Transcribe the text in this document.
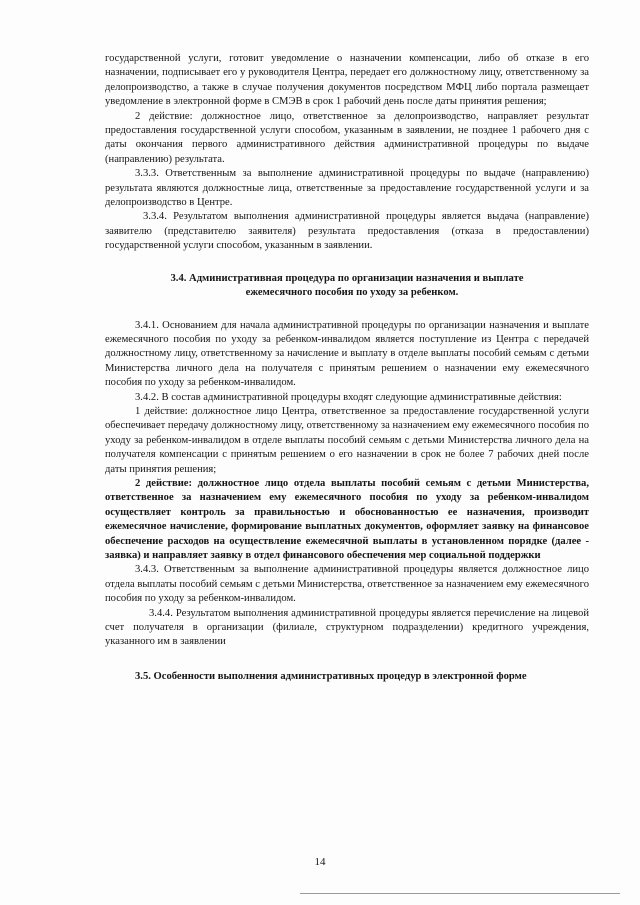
государственной услуги, готовит уведомление о назначении компенсации, либо об отказе в его назначении, подписывает его у руководителя Центра, передает его должностному лицу, ответственному за делопроизводство, а также в случае получения документов посредством МФЦ либо портала размещает уведомление в электронной форме в СМЭВ в срок 1 рабочий день после даты принятия решения;

2 действие: должностное лицо, ответственное за делопроизводство, направляет результат предоставления государственной услуги способом, указанным в заявлении, не позднее 1 рабочего дня с даты окончания первого административного действия административной процедуры по выдаче (направлению) результата.

3.3.3. Ответственным за выполнение административной процедуры по выдаче (направлению) результата являются должностные лица, ответственные за предоставление государственной услуги и за делопроизводство в Центре.

3.3.4. Результатом выполнения административной процедуры является выдача (направление) заявителю (представителю заявителя) результата предоставления (отказа в предоставлении) государственной услуги способом, указанным в заявлении.

3.4. Административная процедура по организации назначения и выплате
ежемесячного пособия по уходу за ребенком.

3.4.1. Основанием для начала административной процедуры по организации назначения и выплате ежемесячного пособия по уходу за ребенком-инвалидом является поступление из Центра с передачей должностному лицу, ответственному за начисление и выплату в отделе выплаты пособий семьям с детьми Министерства личного дела на получателя с принятым решением о назначении ему ежемесячного пособия по уходу за ребенком-инвалидом.

3.4.2. В состав административной процедуры входят следующие административные действия:

1 действие: должностное лицо Центра, ответственное за предоставление государственной услуги обеспечивает передачу должностному лицу, ответственному за назначением ему ежемесячного пособия по уходу за ребенком-инвалидом в отделе выплаты пособий семьям с детьми Министерства личного дела на получателя компенсации с принятым решением о его назначении в срок не более 7 рабочих дней после даты принятия решения;

2 действие: должностное лицо отдела выплаты пособий семьям с детьми Министерства, ответственное за назначением ему ежемесячного пособия по уходу за ребенком-инвалидом осуществляет контроль за правильностью и обоснованностью ее назначения, производит ежемесячное начисление, формирование выплатных документов, оформляет заявку на финансовое обеспечение расходов на осуществление ежемесячной выплаты в установленном порядке (далее - заявка) и направляет заявку в отдел финансового обеспечения мер социальной поддержки

3.4.3. Ответственным за выполнение административной процедуры является должностное лицо отдела выплаты пособий семьям с детьми Министерства, ответственное за назначением ему ежемесячного пособия по уходу за ребенком-инвалидом.

3.4.4. Результатом выполнения административной процедуры является перечисление на лицевой счет получателя в организации (филиале, структурном подразделении) кредитного учреждения, указанного им в заявлении

3.5. Особенности выполнения административных процедур в электронной форме

14
